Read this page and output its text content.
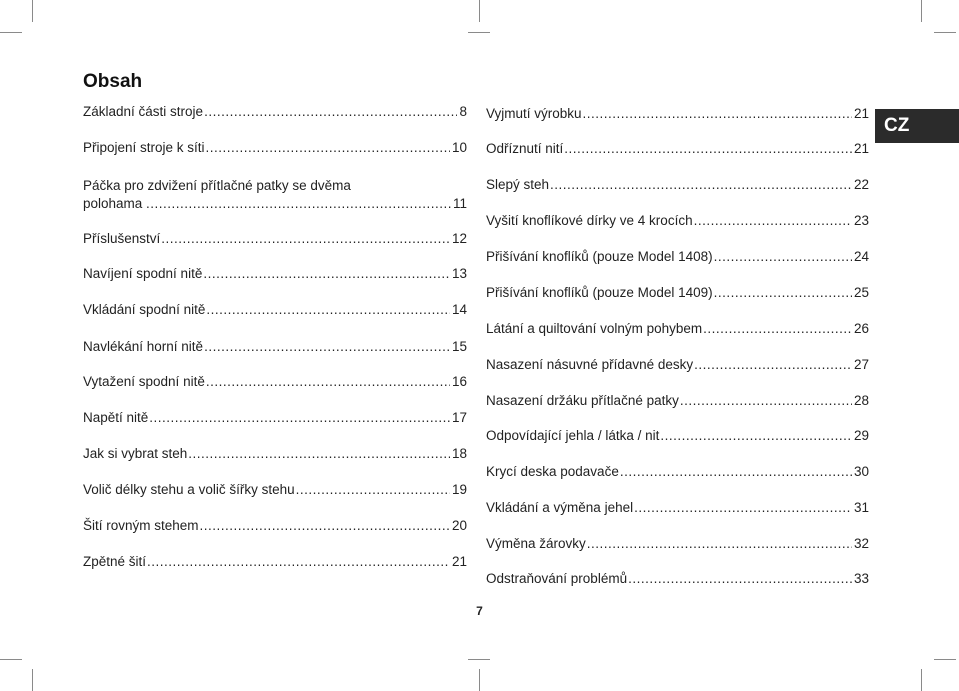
Obsah
CZ
Základní části stroje .....	8
Připojení stroje k síti .....	10
Páčka pro zdvižení přítlačné patky se dvěma polohama .....	11
Příslušenství .....	12
Navíjení spodní nitě .....	13
Vkládání spodní nitě .....	14
Navlékání horní nitě .....	15
Vytažení spodní nitě .....	16
Napětí nitě .....	17
Jak si vybrat steh .....	18
Volič délky stehu a volič šířky stehu .....	19
Šití rovným stehem .....	20
Zpětné šití .....	21
Vyjmutí výrobku .....	21
Odříznutí nití .....	21
Slepý steh .....	22
Vyšití knoflíkové dírky ve 4 krocích .....	23
Přišívání knoflíků (pouze Model 1408) .....	24
Přišívání knoflíků (pouze Model 1409) .....	25
Látání a quiltování volným pohybem .....	26
Nasazení násuvné přídavné desky .....	27
Nasazení držáku přítlačné patky .....	28
Odpovídající jehla / látka / nit .....	29
Krycí deska podavače .....	30
Vkládání a výměna jehel .....	31
Výměna žárovky .....	32
Odstraňování problémů .....	33
7
